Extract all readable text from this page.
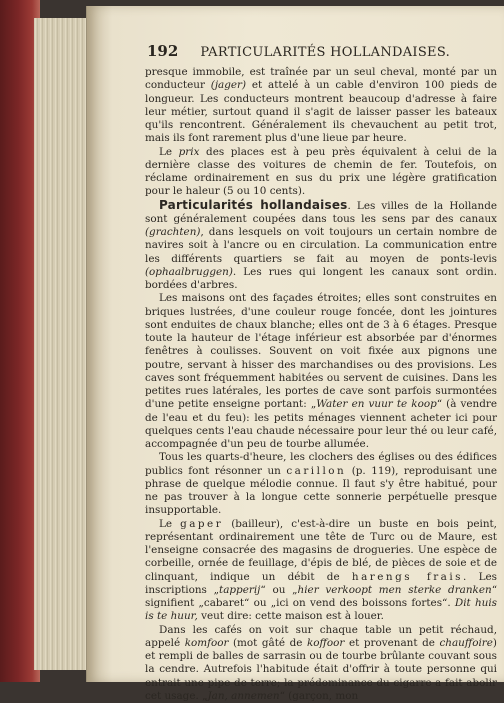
192 PARTICULARITÉS HOLLANDAISES.

presque immobile, est traînée par un seul cheval, monté par un conducteur (jager) et attelé à un cable d'environ 100 pieds de longueur. Les conducteurs montrent beaucoup d'adresse à faire leur métier, surtout quand il s'agit de laisser passer les bateaux qu'ils rencontrent. Généralement ils chevauchent au petit trot, mais ils font rarement plus d'une lieue par heure.

Le prix des places est à peu près équivalent à celui de la dernière classe des voitures de chemin de fer. Toutefois, on réclame ordinairement en sus du prix une légère gratification pour le haleur (5 ou 10 cents).

Particularités hollandaises. Les villes de la Hollande sont généralement coupées dans tous les sens par des canaux (grachten), dans lesquels on voit toujours un certain nombre de navires soit à l'ancre ou en circulation. La communication entre les différents quartiers se fait au moyen de ponts-levis (ophaalbruggen). Les rues qui longent les canaux sont ordin. bordées d'arbres.

Les maisons ont des façades étroites; elles sont construites en briques lustrées, d'une couleur rouge foncée, dont les jointures sont enduites de chaux blanche; elles ont de 3 à 6 étages. Presque toute la hauteur de l'étage inférieur est absorbée par d'énormes fenêtres à coulisses. Souvent on voit fixée aux pignons une poutre, servant à hisser des marchandises ou des provisions. Les caves sont fréquemment habitées ou servent de cuisines. Dans les petites rues latérales, les portes de cave sont parfois surmontées d'une petite enseigne portant: „Water en vuur te koop“ (à vendre de l'eau et du feu): les petits ménages viennent acheter ici pour quelques cents l'eau chaude nécessaire pour leur thé ou leur café, accompagnée d'un peu de tourbe allumée.

Tous les quarts-d'heure, les clochers des églises ou des édifices publics font résonner un carillon (p. 119), reproduisant une phrase de quelque mélodie connue. Il faut s'y être habitué, pour ne pas trouver à la longue cette sonnerie perpétuelle presque insupportable.

Le gaper (bailleur), c'est-à-dire un buste en bois peint, représentant ordinairement une tête de Turc ou de Maure, est l'enseigne consacrée des magasins de drogueries. Une espèce de corbeille, ornée de feuillage, d'épis de blé, de pièces de soie et de clinquant, indique un débit de harengs frais. Les inscriptions „tapperij“ ou „hier verkoopt men sterke dranken“ signifient „cabaret“ ou „ici on vend des boissons fortes“. Dit huis is te huur, veut dire: cette maison est à louer.

Dans les cafés on voit sur chaque table un petit réchaud, appelé komfoor (mot gâté de koffoor et provenant de chauffoire) et rempli de balles de sarrasin ou de tourbe brûlante couvant sous la cendre. Autrefois l'habitude était d'offrir à toute personne qui entrait une pipe de terre; la prédominance du cigarre a fait abolir cet usage. „Jan, annemen“ (garçon, mon
